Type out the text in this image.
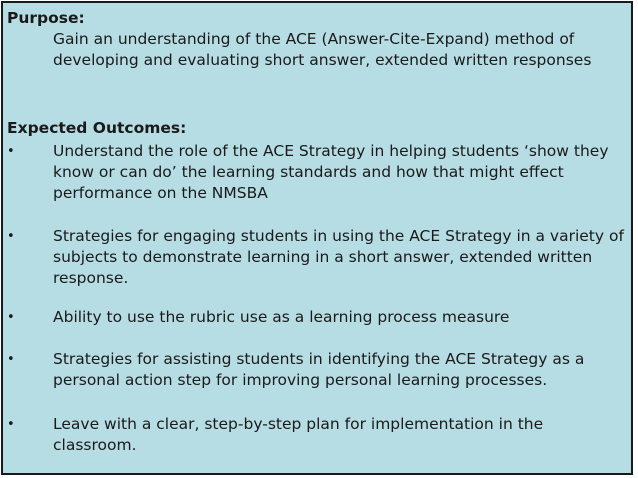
Purpose:

Gain an understanding of the ACE (Answer-Cite-Expand) method of developing and evaluating short answer, extended written responses

Expected Outcomes:
• Understand the role of the ACE Strategy in helping students ‘show they know or can do’ the learning standards and how that might effect performance on the NMSBA
• Strategies for engaging students in using the ACE Strategy in a variety of subjects to demonstrate learning in a short answer, extended written response.
• Ability to use the rubric use as a learning process measure
• Strategies for assisting students in identifying the ACE Strategy as a personal action step for improving personal learning processes.
• Leave with a clear, step-by-step plan for implementation in the classroom.
